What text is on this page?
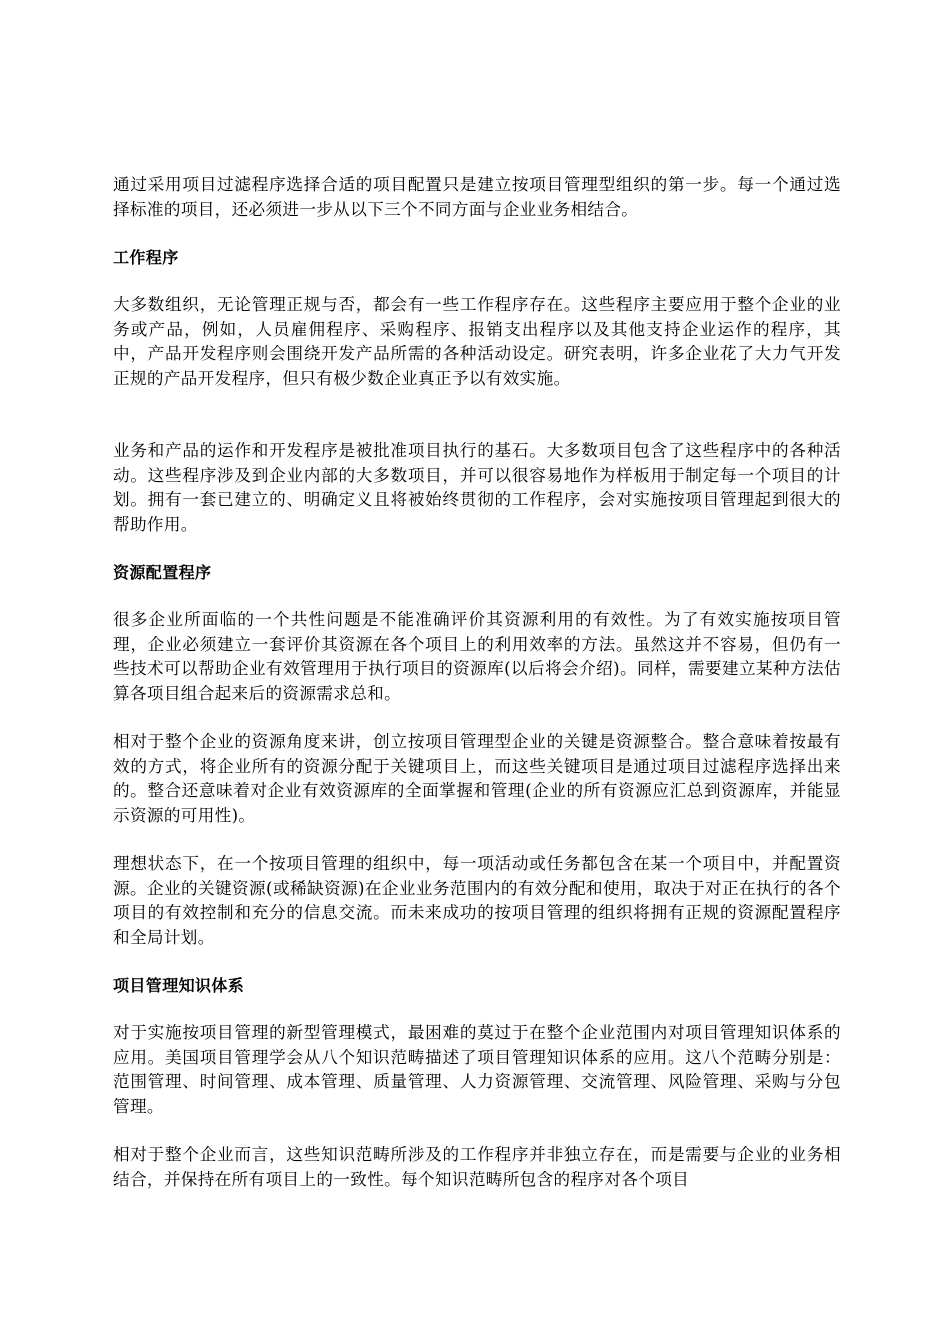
通过采用项目过滤程序选择合适的项目配置只是建立按项目管理型组织的第一步。每一个通过选择标准的项目，还必须进一步从以下三个不同方面与企业业务相结合。

工作程序

大多数组织，无论管理正规与否，都会有一些工作程序存在。这些程序主要应用于整个企业的业务或产品，例如，人员雇佣程序、采购程序、报销支出程序以及其他支持企业运作的程序，其中，产品开发程序则会围绕开发产品所需的各种活动设定。研究表明，许多企业花了大力气开发正规的产品开发程序，但只有极少数企业真正予以有效实施。

业务和产品的运作和开发程序是被批准项目执行的基石。大多数项目包含了这些程序中的各种活动。这些程序涉及到企业内部的大多数项目，并可以很容易地作为样板用于制定每一个项目的计划。拥有一套已建立的、明确定义且将被始终贯彻的工作程序，会对实施按项目管理起到很大的帮助作用。

资源配置程序

很多企业所面临的一个共性问题是不能准确评价其资源利用的有效性。为了有效实施按项目管理，企业必须建立一套评价其资源在各个项目上的利用效率的方法。虽然这并不容易，但仍有一些技术可以帮助企业有效管理用于执行项目的资源库(以后将会介绍)。同样，需要建立某种方法估算各项目组合起来后的资源需求总和。

相对于整个企业的资源角度来讲，创立按项目管理型企业的关键是资源整合。整合意味着按最有效的方式，将企业所有的资源分配于关键项目上，而这些关键项目是通过项目过滤程序选择出来的。整合还意味着对企业有效资源库的全面掌握和管理(企业的所有资源应汇总到资源库，并能显示资源的可用性)。

理想状态下，在一个按项目管理的组织中，每一项活动或任务都包含在某一个项目中，并配置资源。企业的关键资源(或稀缺资源)在企业业务范围内的有效分配和使用，取决于对正在执行的各个项目的有效控制和充分的信息交流。而未来成功的按项目管理的组织将拥有正规的资源配置程序和全局计划。

项目管理知识体系

对于实施按项目管理的新型管理模式，最困难的莫过于在整个企业范围内对项目管理知识体系的应用。美国项目管理学会从八个知识范畴描述了项目管理知识体系的应用。这八个范畴分别是：范围管理、时间管理、成本管理、质量管理、人力资源管理、交流管理、风险管理、采购与分包管理。

相对于整个企业而言，这些知识范畴所涉及的工作程序并非独立存在，而是需要与企业的业务相结合，并保持在所有项目上的一致性。每个知识范畴所包含的程序对各个项目
